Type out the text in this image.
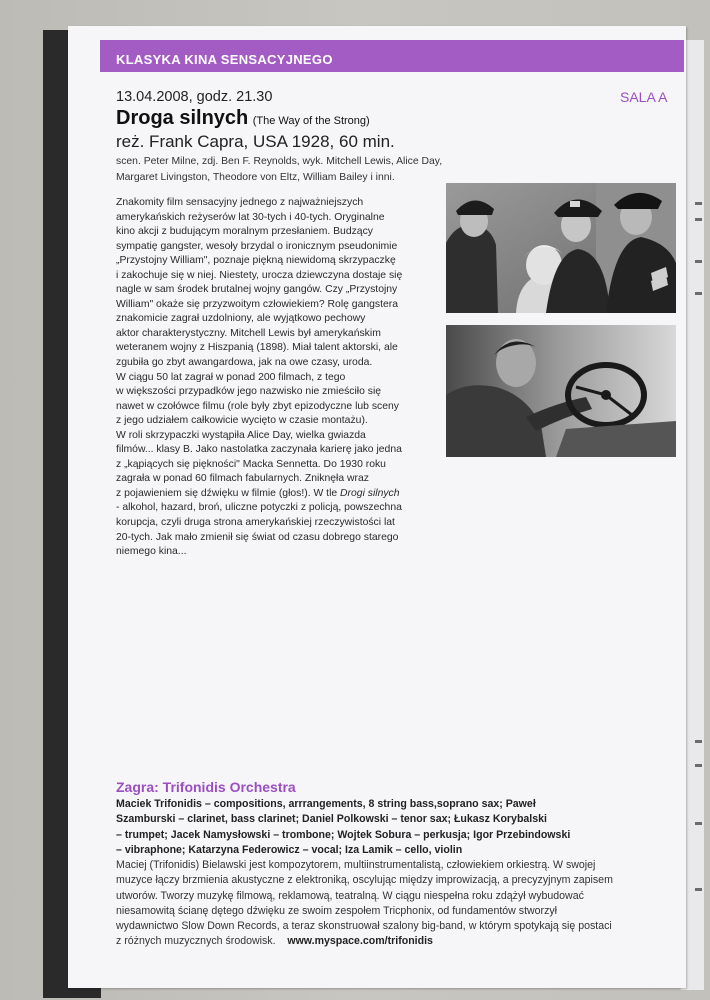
KLASYKA KINA SENSACYJNEGO
13.04.2008, godz. 21.30	SALA A
Droga silnych (The Way of the Strong)
reż. Frank Capra, USA 1928, 60 min.
scen. Peter Milne, zdj. Ben F. Reynolds, wyk. Mitchell Lewis, Alice Day,
Margaret Livingston, Theodore von Eltz, William Bailey i inni.
Znakomity film sensacyjny jednego z najważniejszych
amerykańskich reżyserów lat 30-tych i 40-tych. Oryginalne
kino akcji z budującym moralnym przesłaniem. Budzący
sympatię gangster, wesoły brzydal o ironicznym pseudonimie
„Przystojny William", poznaje piękną niewidomą skrzypaczkę
i zakochuje się w niej. Niestety, urocza dziewczyna dostaje się
nagle w sam środek brutalnej wojny gangów. Czy „Przystojny
William" okaże się przyzwoitym człowiekiem? Rolę gangstera
znakomicie zagrał uzdolniony, ale wyjątkowo pechowy
aktor charakterystyczny. Mitchell Lewis był amerykańskim
weteranem wojny z Hiszpanią (1898). Miał talent aktorski, ale
zgubiła go zbyt awangardowa, jak na owe czasy, uroda.
W ciągu 50 lat zagrał w ponad 200 filmach, z tego
w większości przypadków jego nazwisko nie zmieściło się
nawet w czołówce filmu (role były zbyt epizodyczne lub sceny
z jego udziałem całkowicie wycięto w czasie montażu).
W roli skrzypaczki wystąpiła Alice Day, wielka gwiazda
filmów... klasy B. Jako nastolatka zaczynała karierę jako jedna
z „kąpiących się piękności" Macka Sennetta. Do 1930 roku
zagrała w ponad 60 filmach fabularnych. Zniknęła wraz
z pojawieniem się dźwięku w filmie (głos!). W tle Drogi silnych
- alkohol, hazard, broń, uliczne potyczki z policją, powszechna
korupcja, czyli druga strona amerykańskiej rzeczywistości lat
20-tych. Jak mało zmienił się świat od czasu dobrego starego
niemego kina...
Zagra: Trifonidis Orchestra
Maciek Trifonidis – compositions, arrrangements, 8 string bass,soprano sax; Paweł
Szamburski – clarinet, bass clarinet; Daniel Polkowski – tenor sax; Łukasz Korybalski
– trumpet; Jacek Namysłowski – trombone; Wojtek Sobura – perkusja; Igor Przebindowski
– vibraphone; Katarzyna Federowicz – vocal; Iza Lamik – cello, violin
Maciej (Trifonidis) Bielawski jest kompozytorem, multiinstrumentalistą, człowiekiem orkiestrą. W swojej
muzyce łączy brzmienia akustyczne z elektroniką, oscylując między improwizacją, a precyzyjnym zapisem
utworów. Tworzy muzykę filmową, reklamową, teatralną. W ciągu niespełna roku zdążył wybudować
niesamowitą ścianę dętego dźwięku ze swoim zespołem Tricphonix, od fundamentów stworzył
wydawnictwo Slow Down Records, a teraz skonstruował szalony big-band, w którym spotykają się postaci
z różnych muzycznych środowisk. www.myspace.com/trifonidis
